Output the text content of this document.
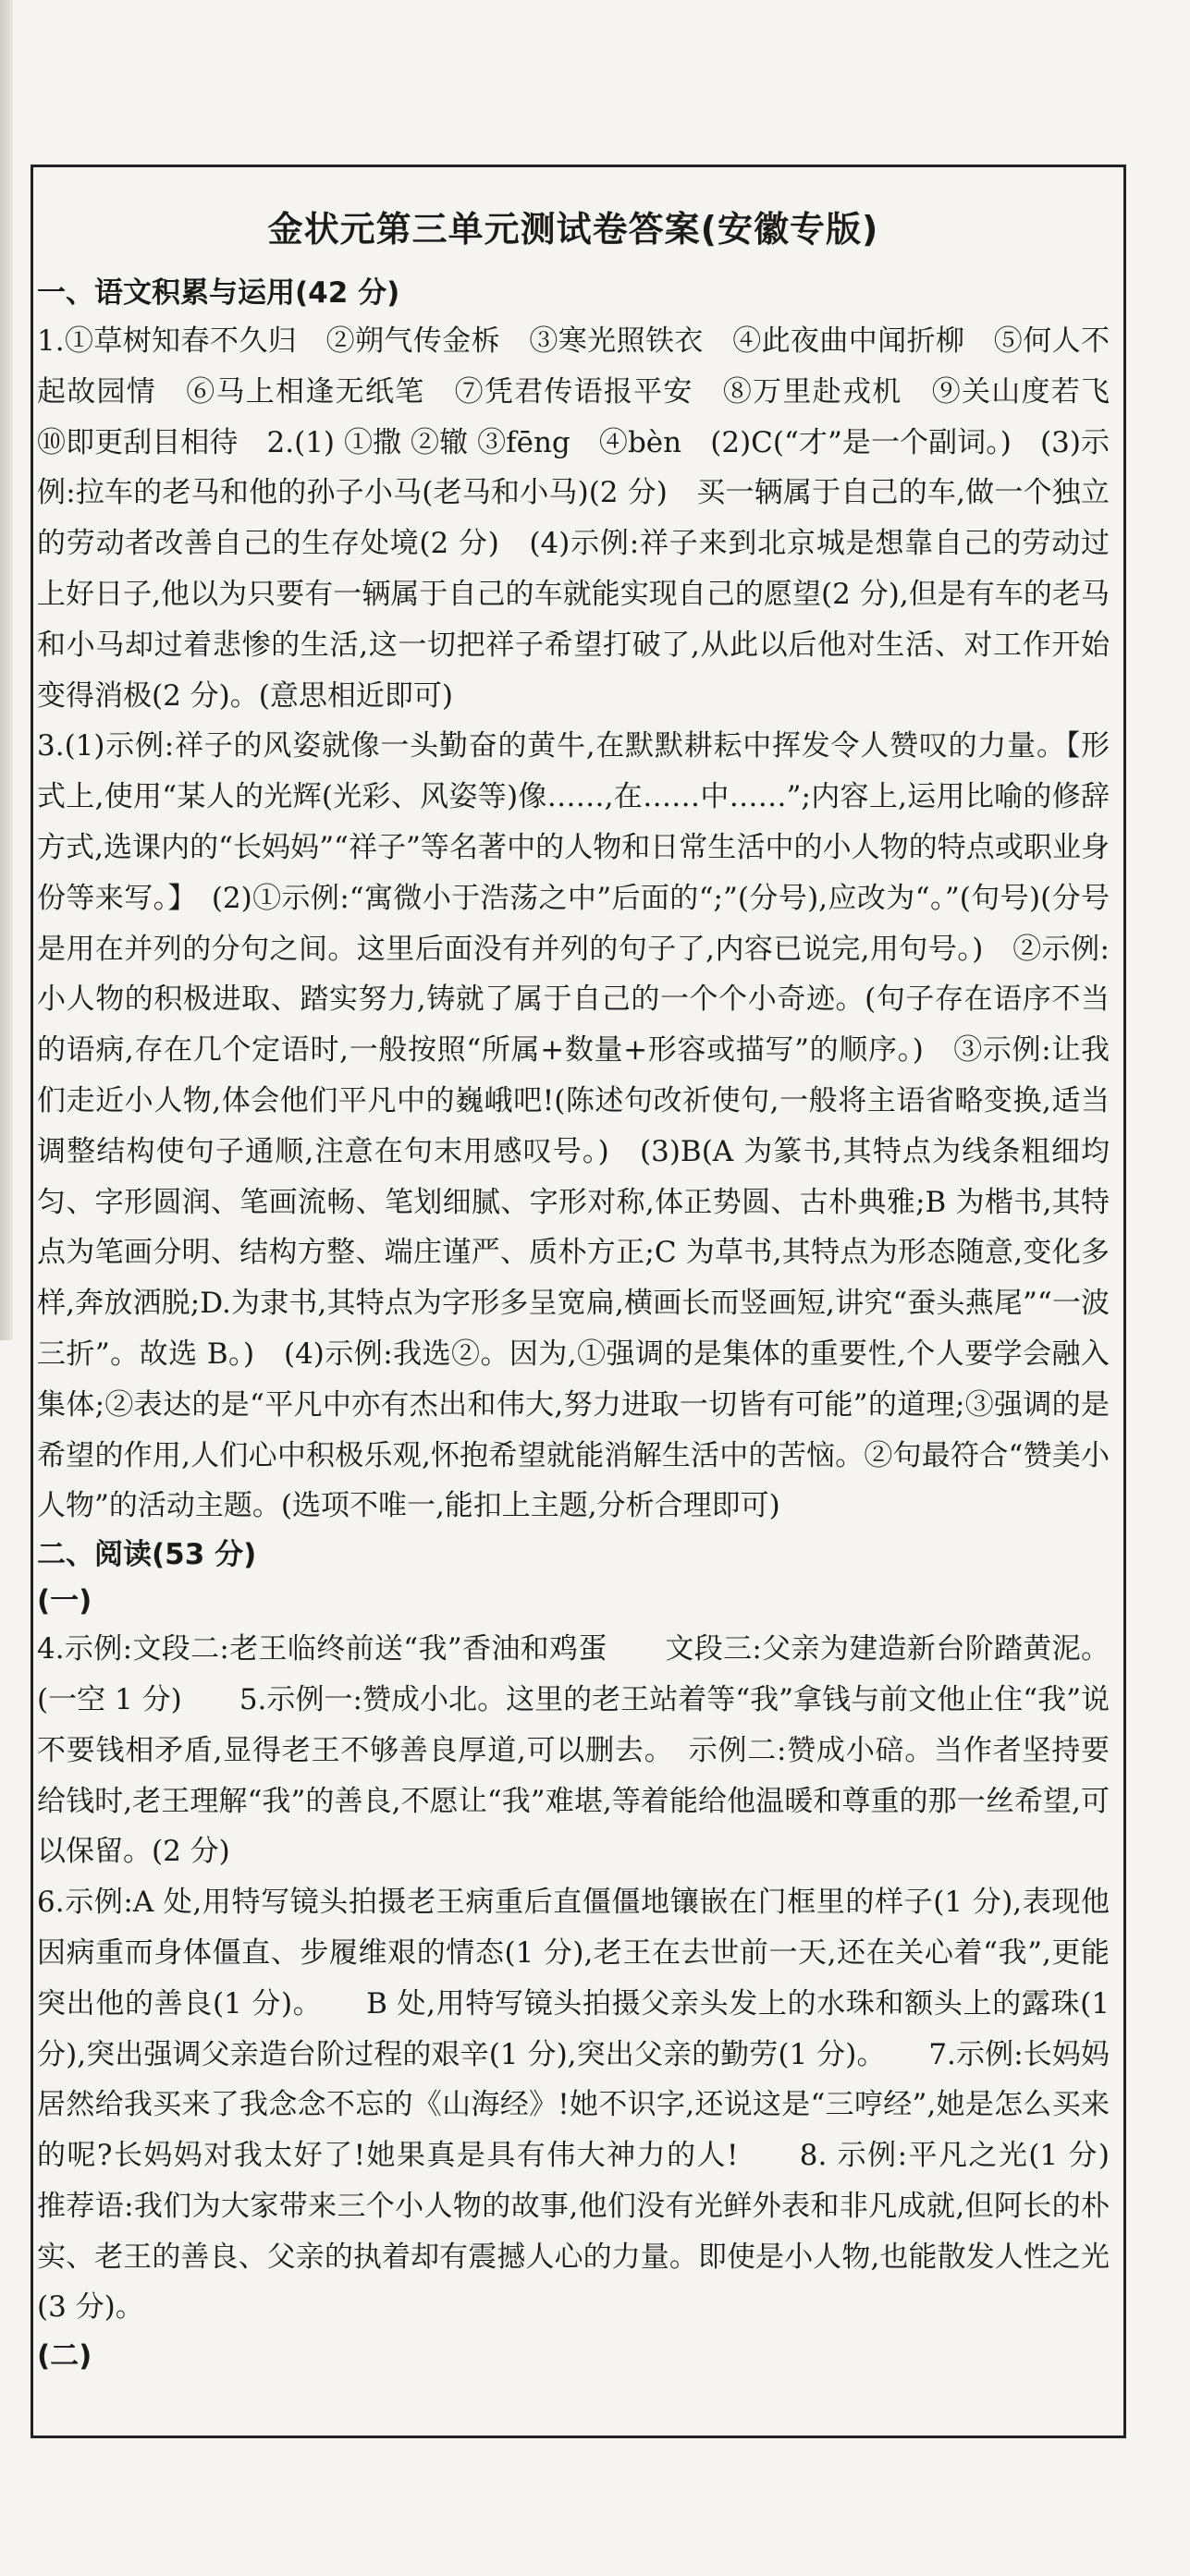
金状元第三单元测试卷答案(安徽专版)
一、语文积累与运用(42 分)
1.①草树知春不久归　②朔气传金柝　③寒光照铁衣　④此夜曲中闻折柳　⑤何人不起故园情　⑥马上相逢无纸笔　⑦凭君传语报平安　⑧万里赴戎机　⑨关山度若飞　⑩即更刮目相待　2.(1) ①撒 ②辙 ③fēng　④bèn　(2)C(“才”是一个副词。)　(3)示例:拉车的老马和他的孙子小马(老马和小马)(2 分)　买一辆属于自己的车,做一个独立的劳动者改善自己的生存处境(2 分)　(4)示例:祥子来到北京城是想靠自己的劳动过上好日子,他以为只要有一辆属于自己的车就能实现自己的愿望(2 分),但是有车的老马和小马却过着悲惨的生活,这一切把祥子希望打破了,从此以后他对生活、对工作开始变得消极(2 分)。(意思相近即可)
3.(1)示例:祥子的风姿就像一头勤奋的黄牛,在默默耕耘中挥发令人赞叹的力量。【形式上,使用“某人的光辉(光彩、风姿等)像……,在……中……”;内容上,运用比喻的修辞方式,选课内的“长妈妈”“祥子”等名著中的人物和日常生活中的小人物的特点或职业身份等来写。】　(2)①示例:“寓微小于浩荡之中”后面的“;”(分号),应改为“。”(句号)(分号是用在并列的分句之间。这里后面没有并列的句子了,内容已说完,用句号。)　②示例:小人物的积极进取、踏实努力,铸就了属于自己的一个个小奇迹。(句子存在语序不当的语病,存在几个定语时,一般按照“所属+数量+形容或描写”的顺序。)　③示例:让我们走近小人物,体会他们平凡中的巍峨吧!(陈述句改祈使句,一般将主语省略变换,适当调整结构使句子通顺,注意在句末用感叹号。)　(3)B(A 为篆书,其特点为线条粗细均匀、字形圆润、笔画流畅、笔划细腻、字形对称,体正势圆、古朴典雅;B 为楷书,其特点为笔画分明、结构方整、端庄谨严、质朴方正;C 为草书,其特点为形态随意,变化多样,奔放洒脱;D.为隶书,其特点为字形多呈宽扁,横画长而竖画短,讲究“蚕头燕尾”“一波三折”。故选 B。)　(4)示例:我选②。因为,①强调的是集体的重要性,个人要学会融入集体;②表达的是“平凡中亦有杰出和伟大,努力进取一切皆有可能”的道理;③强调的是希望的作用,人们心中积极乐观,怀抱希望就能消解生活中的苦恼。②句最符合“赞美小人物”的活动主题。(选项不唯一,能扣上主题,分析合理即可)
二、阅读(53 分)
(一)
4.示例:文段二:老王临终前送“我”香油和鸡蛋　　文段三:父亲为建造新台阶踏黄泥。(一空 1 分)　　5.示例一:赞成小北。这里的老王站着等“我”拿钱与前文他止住“我”说不要钱相矛盾,显得老王不够善良厚道,可以删去。　示例二:赞成小碚。当作者坚持要给钱时,老王理解“我”的善良,不愿让“我”难堪,等着能给他温暖和尊重的那一丝希望,可以保留。(2 分)
6.示例:A 处,用特写镜头拍摄老王病重后直僵僵地镶嵌在门框里的样子(1 分),表现他因病重而身体僵直、步履维艰的情态(1 分),老王在去世前一天,还在关心着“我”,更能突出他的善良(1 分)。　　B 处,用特写镜头拍摄父亲头发上的水珠和额头上的露珠(1 分),突出强调父亲造台阶过程的艰辛(1 分),突出父亲的勤劳(1 分)。　　7.示例:长妈妈居然给我买来了我念念不忘的《山海经》!她不识字,还说这是“三哼经”,她是怎么买来的呢?长妈妈对我太好了!她果真是具有伟大神力的人!　　8. 示例:平凡之光(1 分)　推荐语:我们为大家带来三个小人物的故事,他们没有光鲜外表和非凡成就,但阿长的朴实、老王的善良、父亲的执着却有震撼人心的力量。即使是小人物,也能散发人性之光(3 分)。
(二)
